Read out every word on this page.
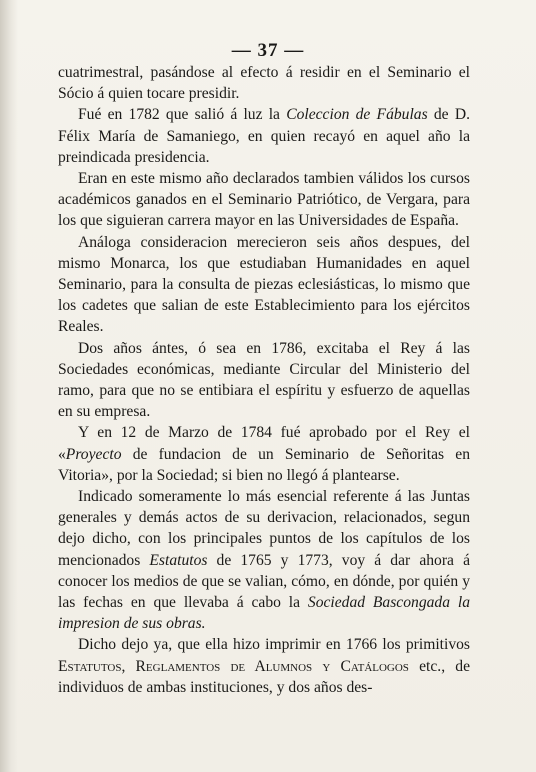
— 37 —

cuatrimestral, pasándose al efecto á residir en el Seminario el Sócio á quien tocare presidir.

Fué en 1782 que salió á luz la Coleccion de Fábulas de D. Félix María de Samaniego, en quien recayó en aquel año la preindicada presidencia.

Eran en este mismo año declarados tambien válidos los cursos académicos ganados en el Seminario Patriótico, de Vergara, para los que siguieran carrera mayor en las Universidades de España.

Análoga consideracion merecieron seis años despues, del mismo Monarca, los que estudiaban Humanidades en aquel Seminario, para la consulta de piezas eclesiásticas, lo mismo que los cadetes que salian de este Establecimiento para los ejércitos Reales.

Dos años ántes, ó sea en 1786, excitaba el Rey á las Sociedades económicas, mediante Circular del Ministerio del ramo, para que no se entibiara el espíritu y esfuerzo de aquellas en su empresa.

Y en 12 de Marzo de 1784 fué aprobado por el Rey el «Proyecto de fundacion de un Seminario de Señoritas en Vitoria», por la Sociedad; si bien no llegó á plantearse.

Indicado someramente lo más esencial referente á las Juntas generales y demás actos de su derivacion, relacionados, segun dejo dicho, con los principales puntos de los capítulos de los mencionados Estatutos de 1765 y 1773, voy á dar ahora á conocer los medios de que se valian, cómo, en dónde, por quién y las fechas en que llevaba á cabo la Sociedad Bascongada la impresion de sus obras.

Dicho dejo ya, que ella hizo imprimir en 1766 los primitivos Estatutos, Reglamentos de Alumnos y Catálogos etc., de individuos de ambas instituciones, y dos años des-
